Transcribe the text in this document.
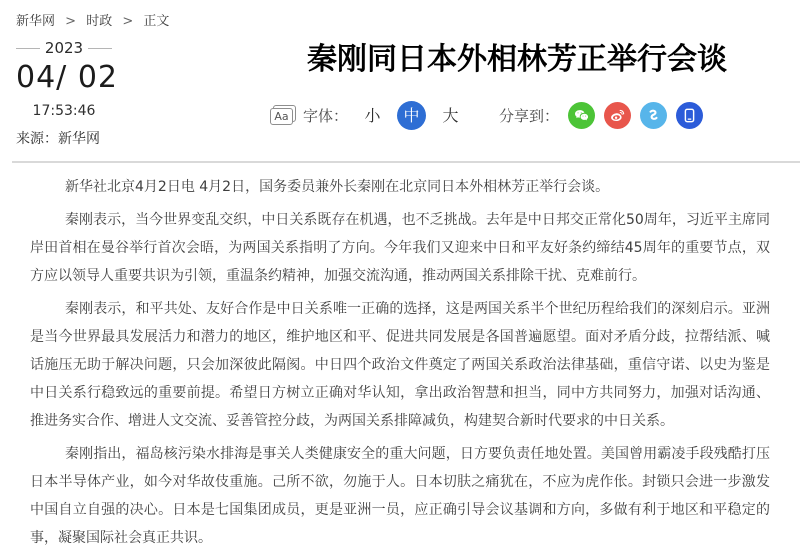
新华网 > 时政 > 正文
2023
04/ 02
17:53:46
来源：新华网
秦刚同日本外相林芳正举行会谈
Aa 字体：	小	中	大	分享到：

新华社北京4月2日电 4月2日，国务委员兼外长秦刚在北京同日本外相林芳正举行会谈。

秦刚表示，当今世界变乱交织，中日关系既存在机遇，也不乏挑战。去年是中日邦交正常化50周年，习近平主席同岸田首相在曼谷举行首次会晤，为两国关系指明了方向。今年我们又迎来中日和平友好条约缔结45周年的重要节点，双方应以领导人重要共识为引领，重温条约精神，加强交流沟通，推动两国关系排除干扰、克难前行。

秦刚表示，和平共处、友好合作是中日关系唯一正确的选择，这是两国关系半个世纪历程给我们的深刻启示。亚洲是当今世界最具发展活力和潜力的地区，维护地区和平、促进共同发展是各国普遍愿望。面对矛盾分歧，拉帮结派、喊话施压无助于解决问题，只会加深彼此隔阂。中日四个政治文件奠定了两国关系政治法律基础，重信守诺、以史为鉴是中日关系行稳致远的重要前提。希望日方树立正确对华认知，拿出政治智慧和担当，同中方共同努力，加强对话沟通、推进务实合作、增进人文交流、妥善管控分歧，为两国关系排障减负，构建契合新时代要求的中日关系。

秦刚指出，福岛核污染水排海是事关人类健康安全的重大问题，日方要负责任地处置。美国曾用霸凌手段残酷打压日本半导体产业，如今对华故伎重施。己所不欲，勿施于人。日本切肤之痛犹在，不应为虎作伥。封锁只会进一步激发中国自立自强的决心。日本是七国集团成员，更是亚洲一员，应正确引导会议基调和方向，多做有利于地区和平稳定的事，凝聚国际社会真正共识。
